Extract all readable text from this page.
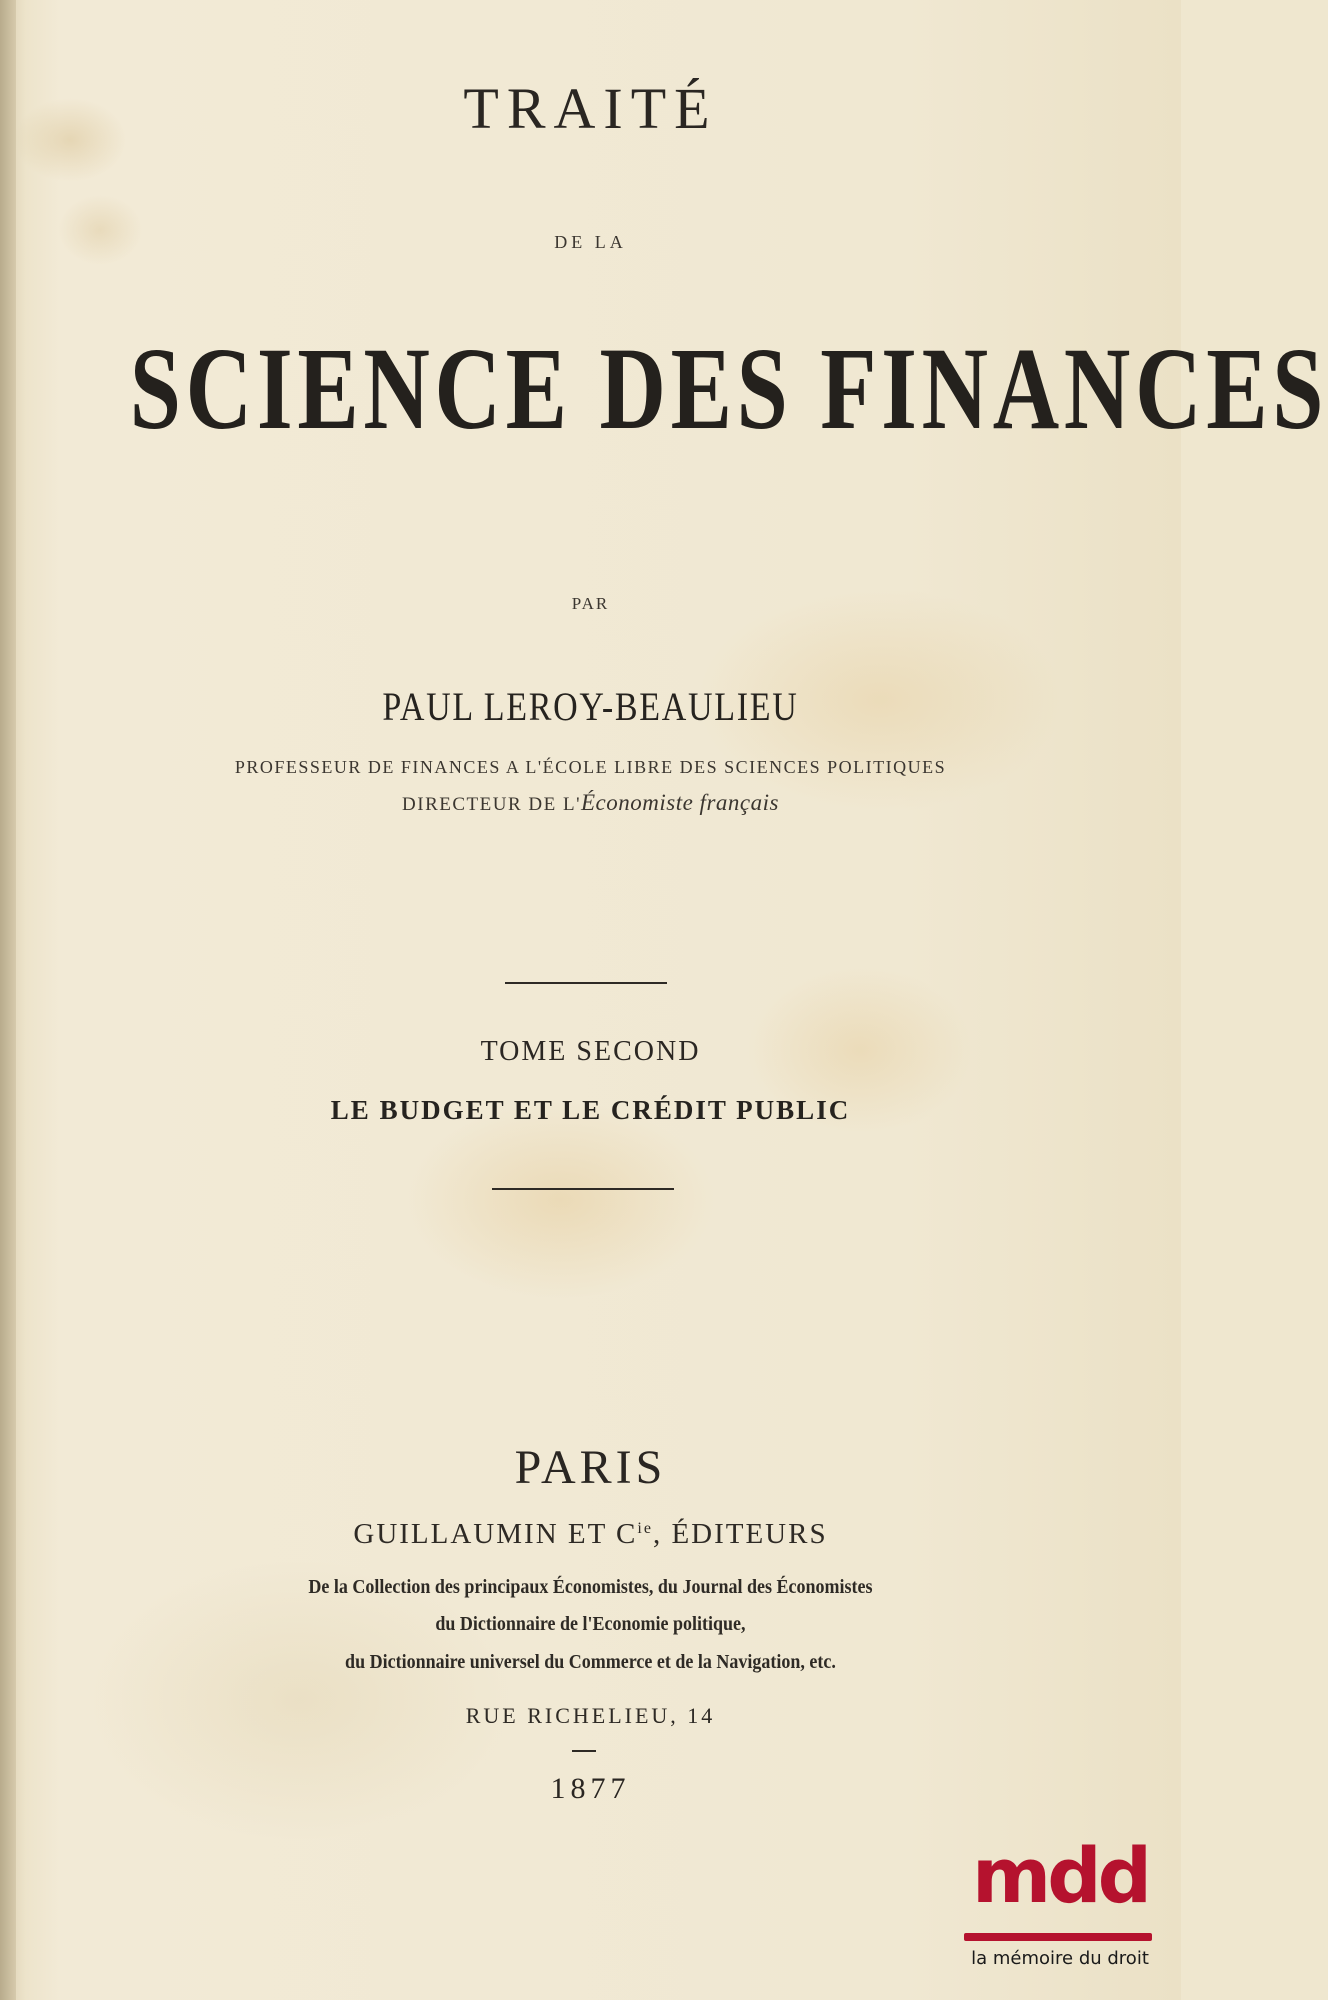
TRAITÉ
DE LA
SCIENCE DES FINANCES
PAR
PAUL LEROY-BEAULIEU
PROFESSEUR DE FINANCES A L'ÉCOLE LIBRE DES SCIENCES POLITIQUES
DIRECTEUR DE L'Économiste français
TOME SECOND
LE BUDGET ET LE CRÉDIT PUBLIC
PARIS
GUILLAUMIN ET $C^{ie}$, ÉDITEURS
De la Collection des principaux Économistes, du Journal des Économistes
du Dictionnaire de l'Economie politique,
du Dictionnaire universel du Commerce et de la Navigation, etc.
RUE RICHELIEU, 14
1877
mdd
la mémoire du droit
